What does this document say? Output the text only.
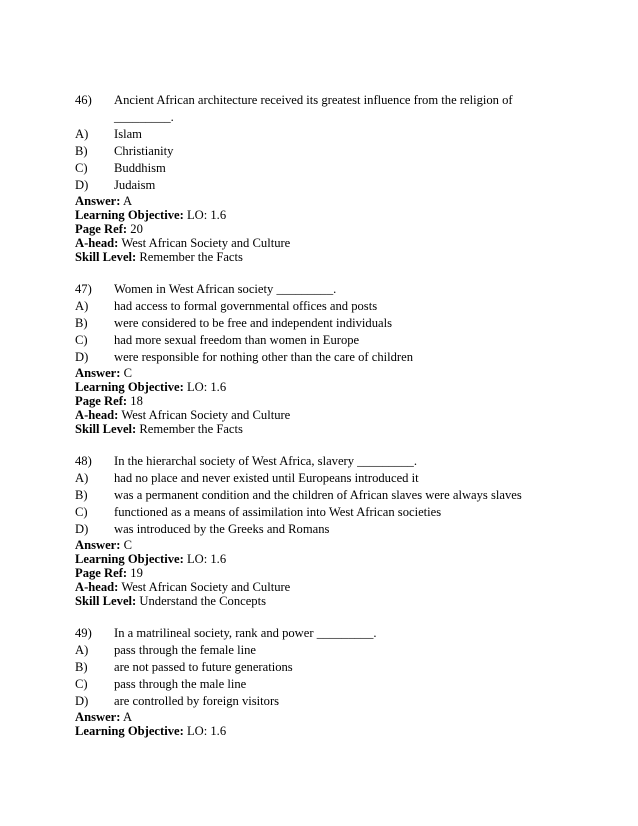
46)	Ancient African architecture received its greatest influence from the religion of
_________.
A)	Islam
B)	Christianity
C)	Buddhism
D)	Judaism
Answer: A
Learning Objective: LO: 1.6
Page Ref: 20
A-head: West African Society and Culture
Skill Level: Remember the Facts
47)	Women in West African society _________.
A)	had access to formal governmental offices and posts
B)	were considered to be free and independent individuals
C)	had more sexual freedom than women in Europe
D)	were responsible for nothing other than the care of children
Answer: C
Learning Objective: LO: 1.6
Page Ref: 18
A-head: West African Society and Culture
Skill Level: Remember the Facts
48)	In the hierarchal society of West Africa, slavery _________.
A)	had no place and never existed until Europeans introduced it
B)	was a permanent condition and the children of African slaves were always slaves
C)	functioned as a means of assimilation into West African societies
D)	was introduced by the Greeks and Romans
Answer: C
Learning Objective: LO: 1.6
Page Ref: 19
A-head: West African Society and Culture
Skill Level: Understand the Concepts
49)	In a matrilineal society, rank and power _________.
A)	pass through the female line
B)	are not passed to future generations
C)	pass through the male line
D)	are controlled by foreign visitors
Answer: A
Learning Objective: LO: 1.6
